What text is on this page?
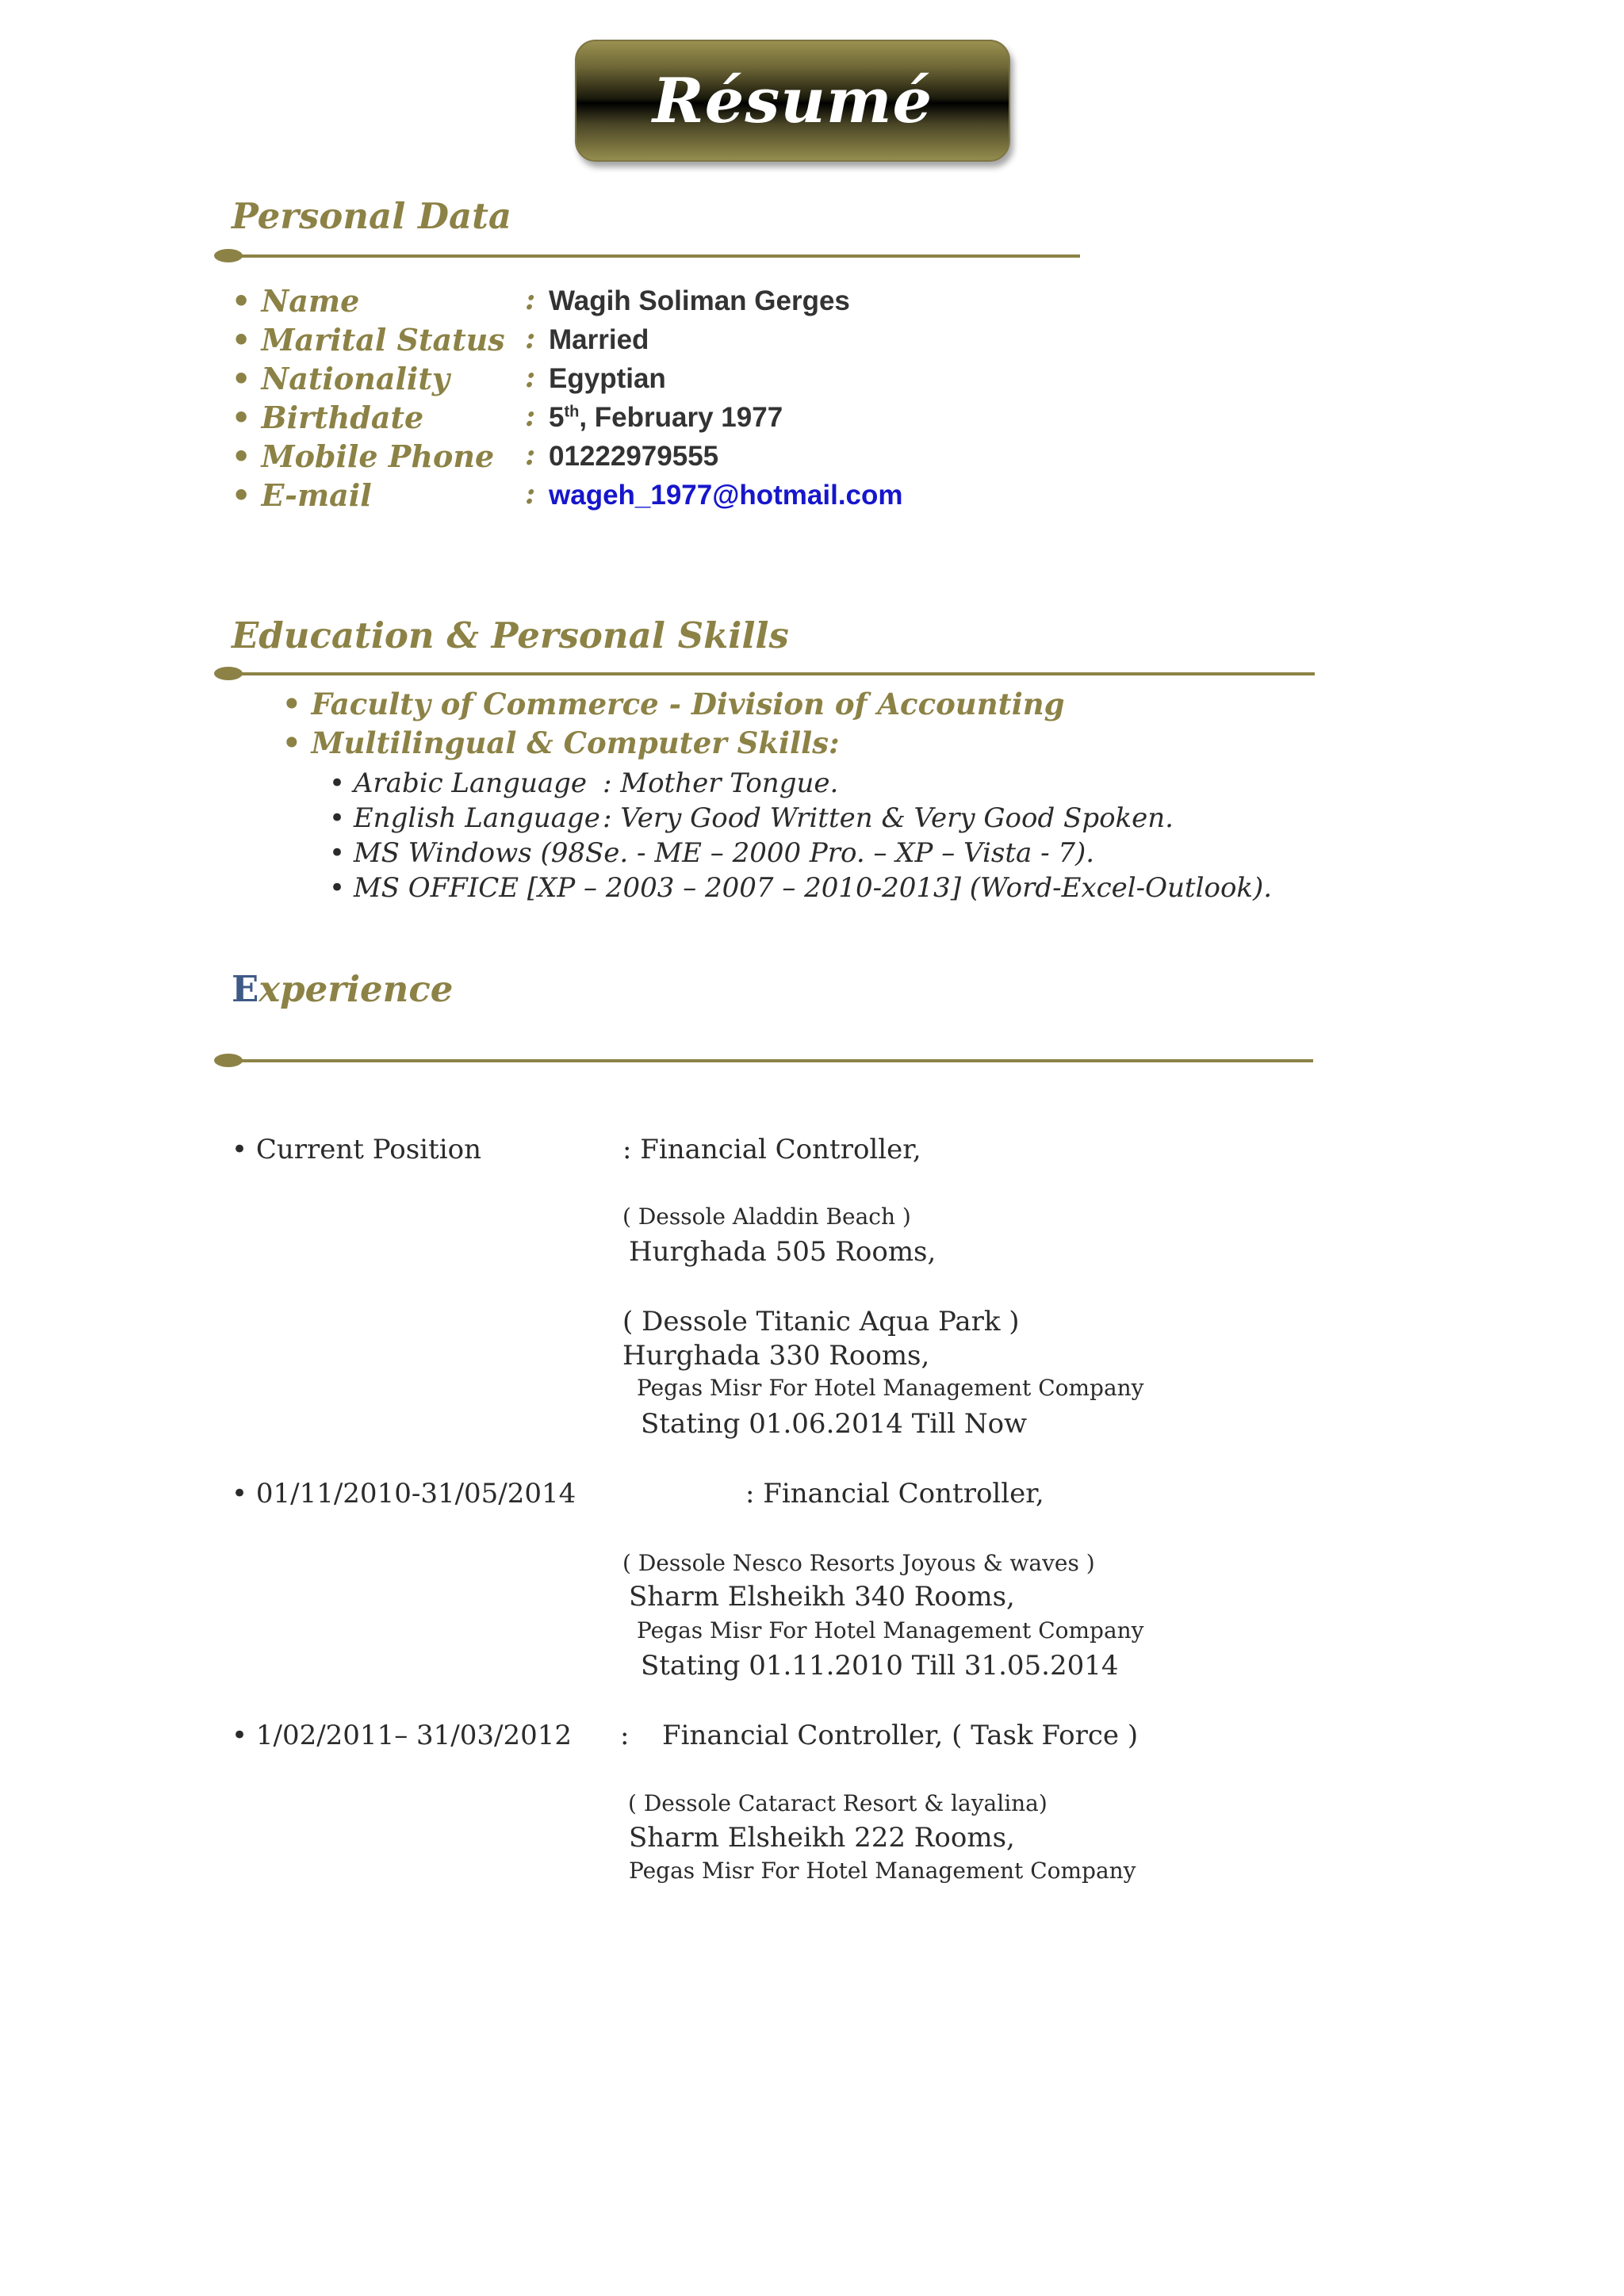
Résumé
Personal Data
• Name	: Wagih Soliman Gerges
• Marital Status : Married
• Nationality	: Egyptian
• Birthdate	: 5th, February 1977
• Mobile Phone : 01222979555
• E-mail	: wageh_1977@hotmail.com
Education & Personal Skills
• Faculty of Commerce - Division of Accounting
• Multilingual & Computer Skills:
• Arabic Language : Mother Tongue.
• English Language : Very Good Written & Very Good Spoken.
• MS Windows (98Se. - ME – 2000 Pro. – XP – Vista - 7).
• MS OFFICE [XP – 2003 – 2007 – 2010-2013] (Word-Excel-Outlook).
Experience
• Current Position	: Financial Controller,
( Dessole Aladdin Beach )
Hurghada 505 Rooms,
( Dessole Titanic Aqua Park )
Hurghada 330 Rooms,
Pegas Misr For Hotel Management Company
Stating 01.06.2014 Till Now
• 01/11/2010-31/05/2014	: Financial Controller,
( Dessole Nesco Resorts Joyous & waves )
Sharm Elsheikh 340 Rooms,
Pegas Misr For Hotel Management Company
Stating 01.11.2010 Till 31.05.2014
• 1/02/2011– 31/03/2012 : Financial Controller, ( Task Force )
( Dessole Cataract Resort & layalina)
Sharm Elsheikh 222 Rooms,
Pegas Misr For Hotel Management Company
